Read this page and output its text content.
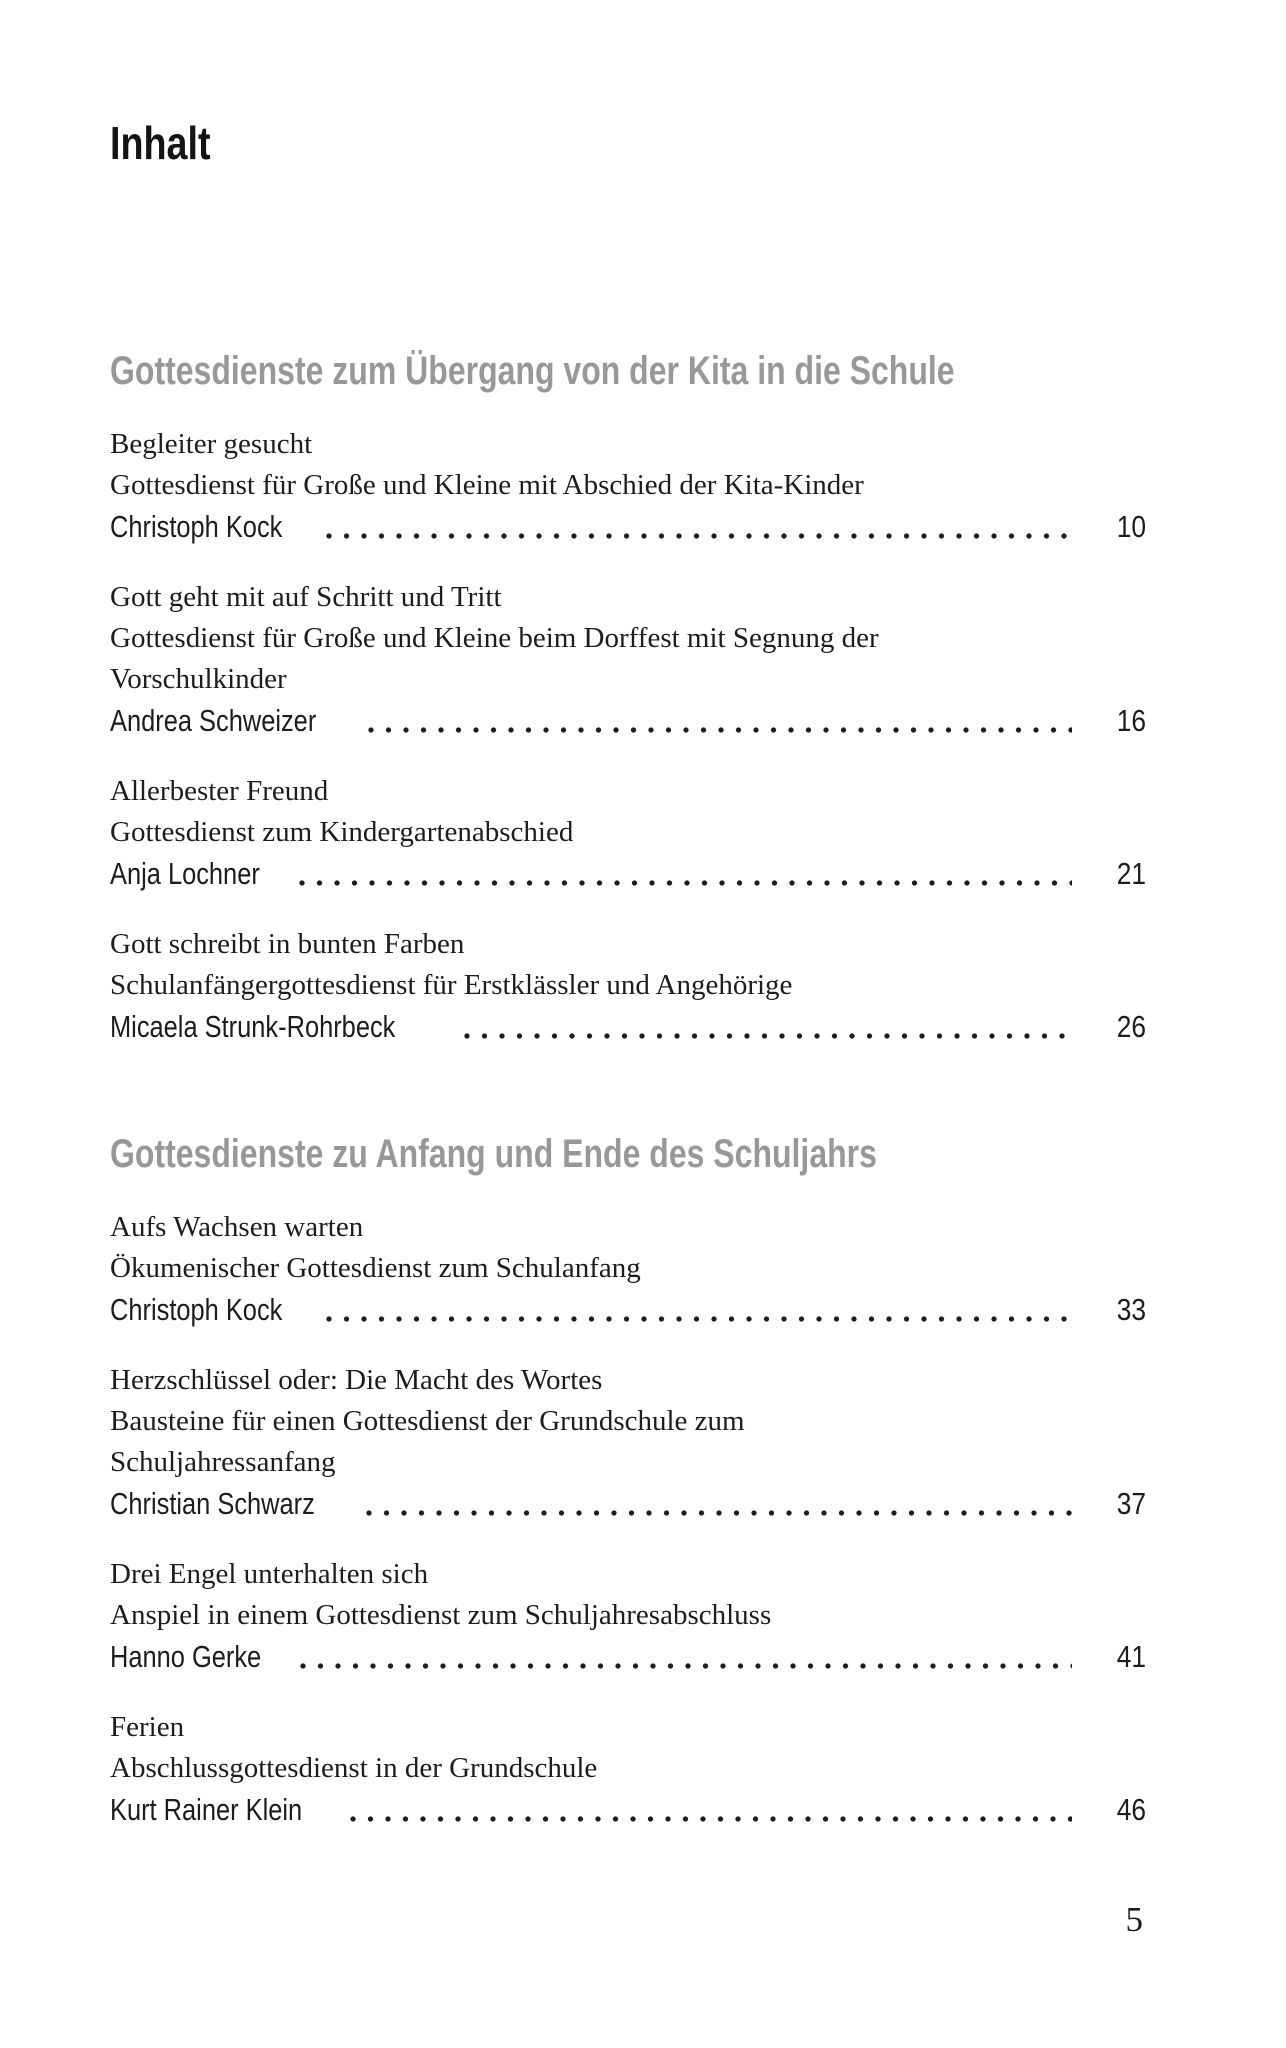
Inhalt
Gottesdienste zum Übergang von der Kita in die Schule
Begleiter gesucht
Gottesdienst für Große und Kleine mit Abschied der Kita-Kinder
Christoph Kock	10
Gott geht mit auf Schritt und Tritt
Gottesdienst für Große und Kleine beim Dorffest mit Segnung der Vorschulkinder
Andrea Schweizer	16
Allerbester Freund
Gottesdienst zum Kindergartenabschied
Anja Lochner	21
Gott schreibt in bunten Farben
Schulanfängergottesdienst für Erstklässler und Angehörige
Micaela Strunk-Rohrbeck	26
Gottesdienste zu Anfang und Ende des Schuljahrs
Aufs Wachsen warten
Ökumenischer Gottesdienst zum Schulanfang
Christoph Kock	33
Herzschlüssel oder: Die Macht des Wortes
Bausteine für einen Gottesdienst der Grundschule zum Schuljahressanfang
Christian Schwarz	37
Drei Engel unterhalten sich
Anspiel in einem Gottesdienst zum Schuljahresabschluss
Hanno Gerke	41
Ferien
Abschlussgottesdienst in der Grundschule
Kurt Rainer Klein	46
5
